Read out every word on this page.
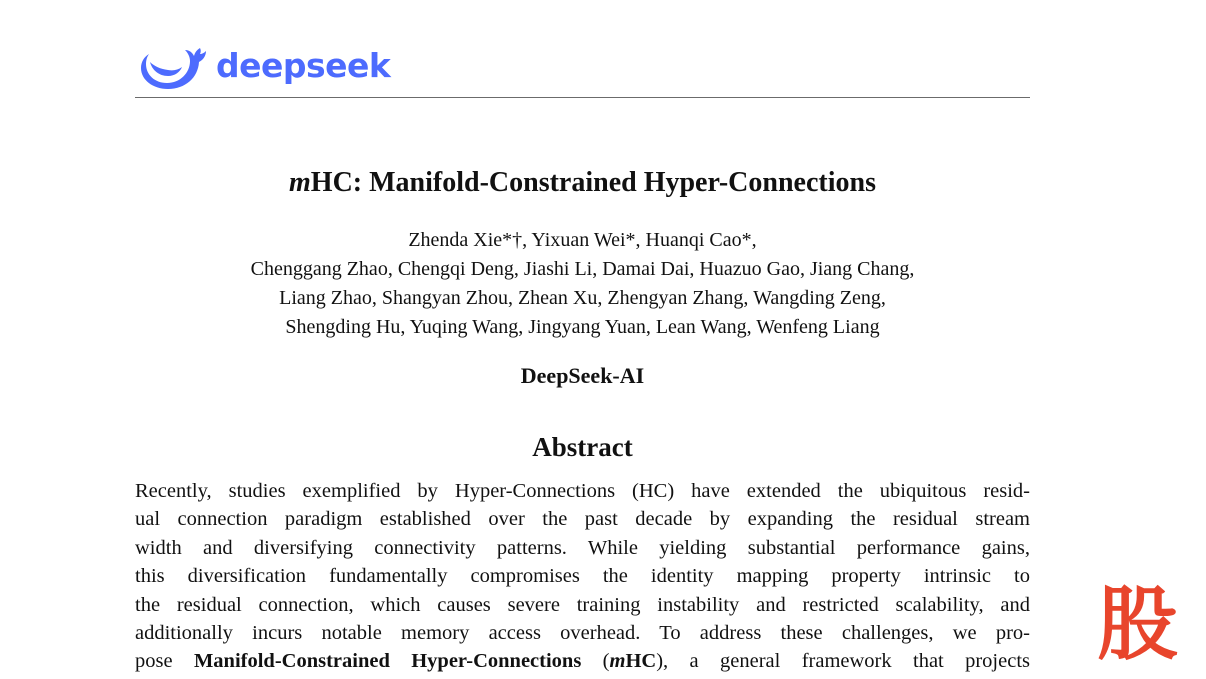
deepseek
mHC: Manifold-Constrained Hyper-Connections
Zhenda Xie*†, Yixuan Wei*, Huanqi Cao*,
Chenggang Zhao, Chengqi Deng, Jiashi Li, Damai Dai, Huazuo Gao, Jiang Chang,
Liang Zhao, Shangyan Zhou, Zhean Xu, Zhengyan Zhang, Wangding Zeng,
Shengding Hu, Yuqing Wang, Jingyang Yuan, Lean Wang, Wenfeng Liang
DeepSeek-AI
Abstract
Recently, studies exemplified by Hyper-Connections (HC) have extended the ubiquitous resid-
ual connection paradigm established over the past decade by expanding the residual stream
width and diversifying connectivity patterns. While yielding substantial performance gains,
this diversification fundamentally compromises the identity mapping property intrinsic to
the residual connection, which causes severe training instability and restricted scalability, and
additionally incurs notable memory access overhead. To address these challenges, we pro-
pose Manifold-Constrained Hyper-Connections (mHC), a general framework that projects 股
